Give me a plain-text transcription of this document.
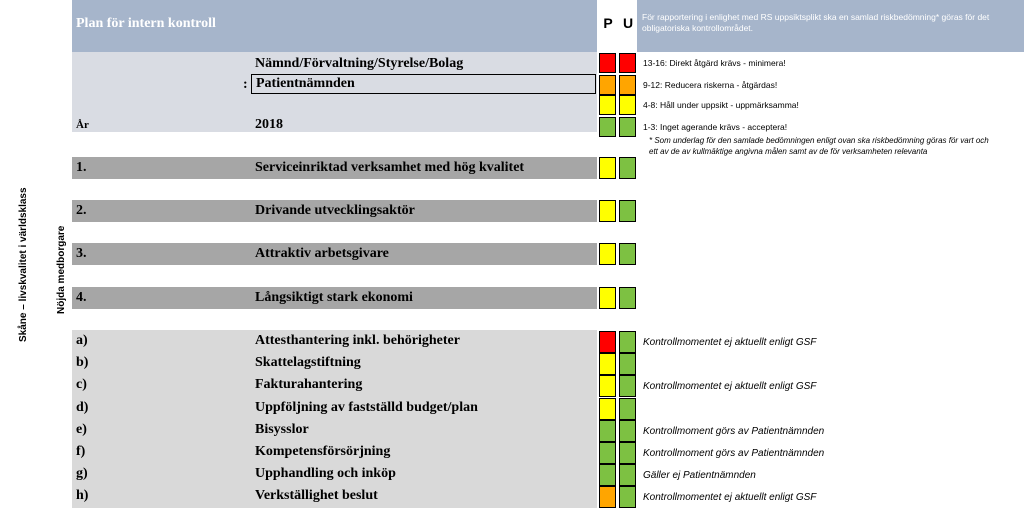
Skåne – livskvalitet i världsklass	Nöjda medborgare
Plan för intern kontroll	P U	För rapportering i enlighet med RS uppsiktsplikt ska en samlad riskbedömning* göras för det obligatoriska kontrollområdet.
Nämnd/Förvaltning/Styrelse/Bolag
: Patientnämnden
År	2018
13-16: Direkt åtgärd krävs - minimera!
9-12: Reducera riskerna - åtgärdas!
4-8: Håll under uppsikt - uppmärksamma!
1-3: Inget agerande krävs - acceptera!
* Som underlag för den samlade bedömningen enligt ovan ska riskbedömning göras för vart och ett av de av kullmäktige angivna målen samt av de för verksamheten relevanta
1.	Serviceinriktad verksamhet med hög kvalitet
2.	Drivande utvecklingsaktör
3.	Attraktiv arbetsgivare
4.	Långsiktigt stark ekonomi
a)	Attesthantering inkl. behörigheter	Kontrollmomentet ej aktuellt enligt GSF
b)	Skattelagstiftning
c)	Fakturahantering	Kontrollmomentet ej aktuellt enligt GSF
d)	Uppföljning av fastställd budget/plan
e)	Bisysslor	Kontrollmoment görs av Patientnämnden
f)	Kompetensförsörjning	Kontrollmoment görs av Patientnämnden
g)	Upphandling och inköp	Gäller ej Patientnämnden
h)	Verkställighet beslut	Kontrollmomentet ej aktuellt enligt GSF
